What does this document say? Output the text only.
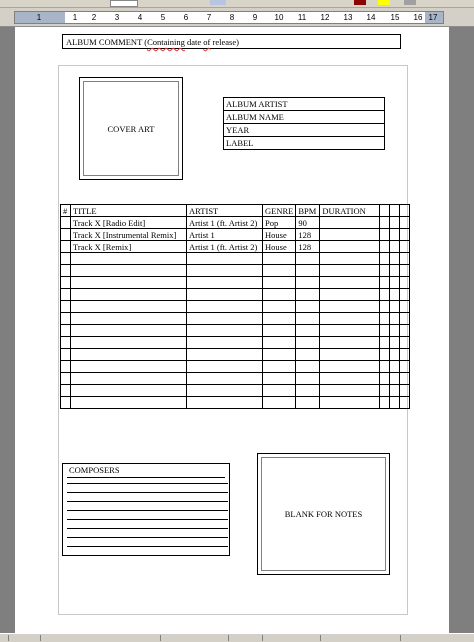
1	1 2 3 4 5 6 7 8 9 10 11 12 13 14 15 16 17
ALBUM COMMENT (Containing date of release)
COVER ART
ALBUM ARTIST
ALBUM NAME
YEAR
LABEL
#	TITLE	ARTIST	GENRE	BPM	DURATION			
	Track X [Radio Edit]	Artist 1 (ft. Artist 2)	Pop	90				
	Track X [Instrumental Remix]	Artist 1	House	128				
	Track X [Remix]	Artist 1 (ft. Artist 2)	House	128				

COMPOSERS

BLANK FOR NOTES
